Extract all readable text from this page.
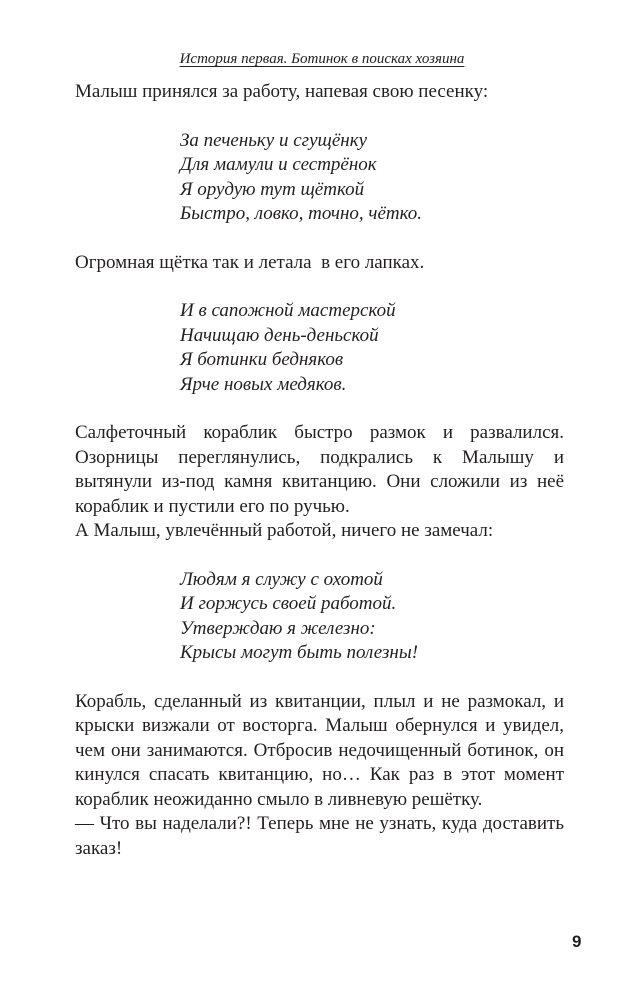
История первая. Ботинок в поисках хозяина

Малыш принялся за работу, напевая свою песенку:

За печеньку и сгущёнку
Для мамули и сестрёнок
Я орудую тут щёткой
Быстро, ловко, точно, чётко.

Огромная щётка так и летала  в его лапках.

И в сапожной мастерской
Начищаю день-деньской
Я ботинки бедняков
Ярче новых медяков.

Салфеточный кораблик быстро размок и развалился. Озорницы переглянулись, подкрались к Малышу и вытянули из-под камня квитанцию. Они сложили из неё кораблик и пустили его по ручью.

А Малыш, увлечённый работой, ничего не замечал:

Людям я служу с охотой
И горжусь своей работой.
Утверждаю я железно:
Крысы могут быть полезны!

Корабль, сделанный из квитанции, плыл и не размокал, и крыски визжали от восторга. Малыш обернулся и увидел, чем они занимаются. Отбросив недочищенный ботинок, он кинулся спасать квитанцию, но… Как раз в этот момент кораблик неожиданно смыло в ливневую решётку.

— Что вы наделали?! Теперь мне не узнать, куда доставить заказ!

9
